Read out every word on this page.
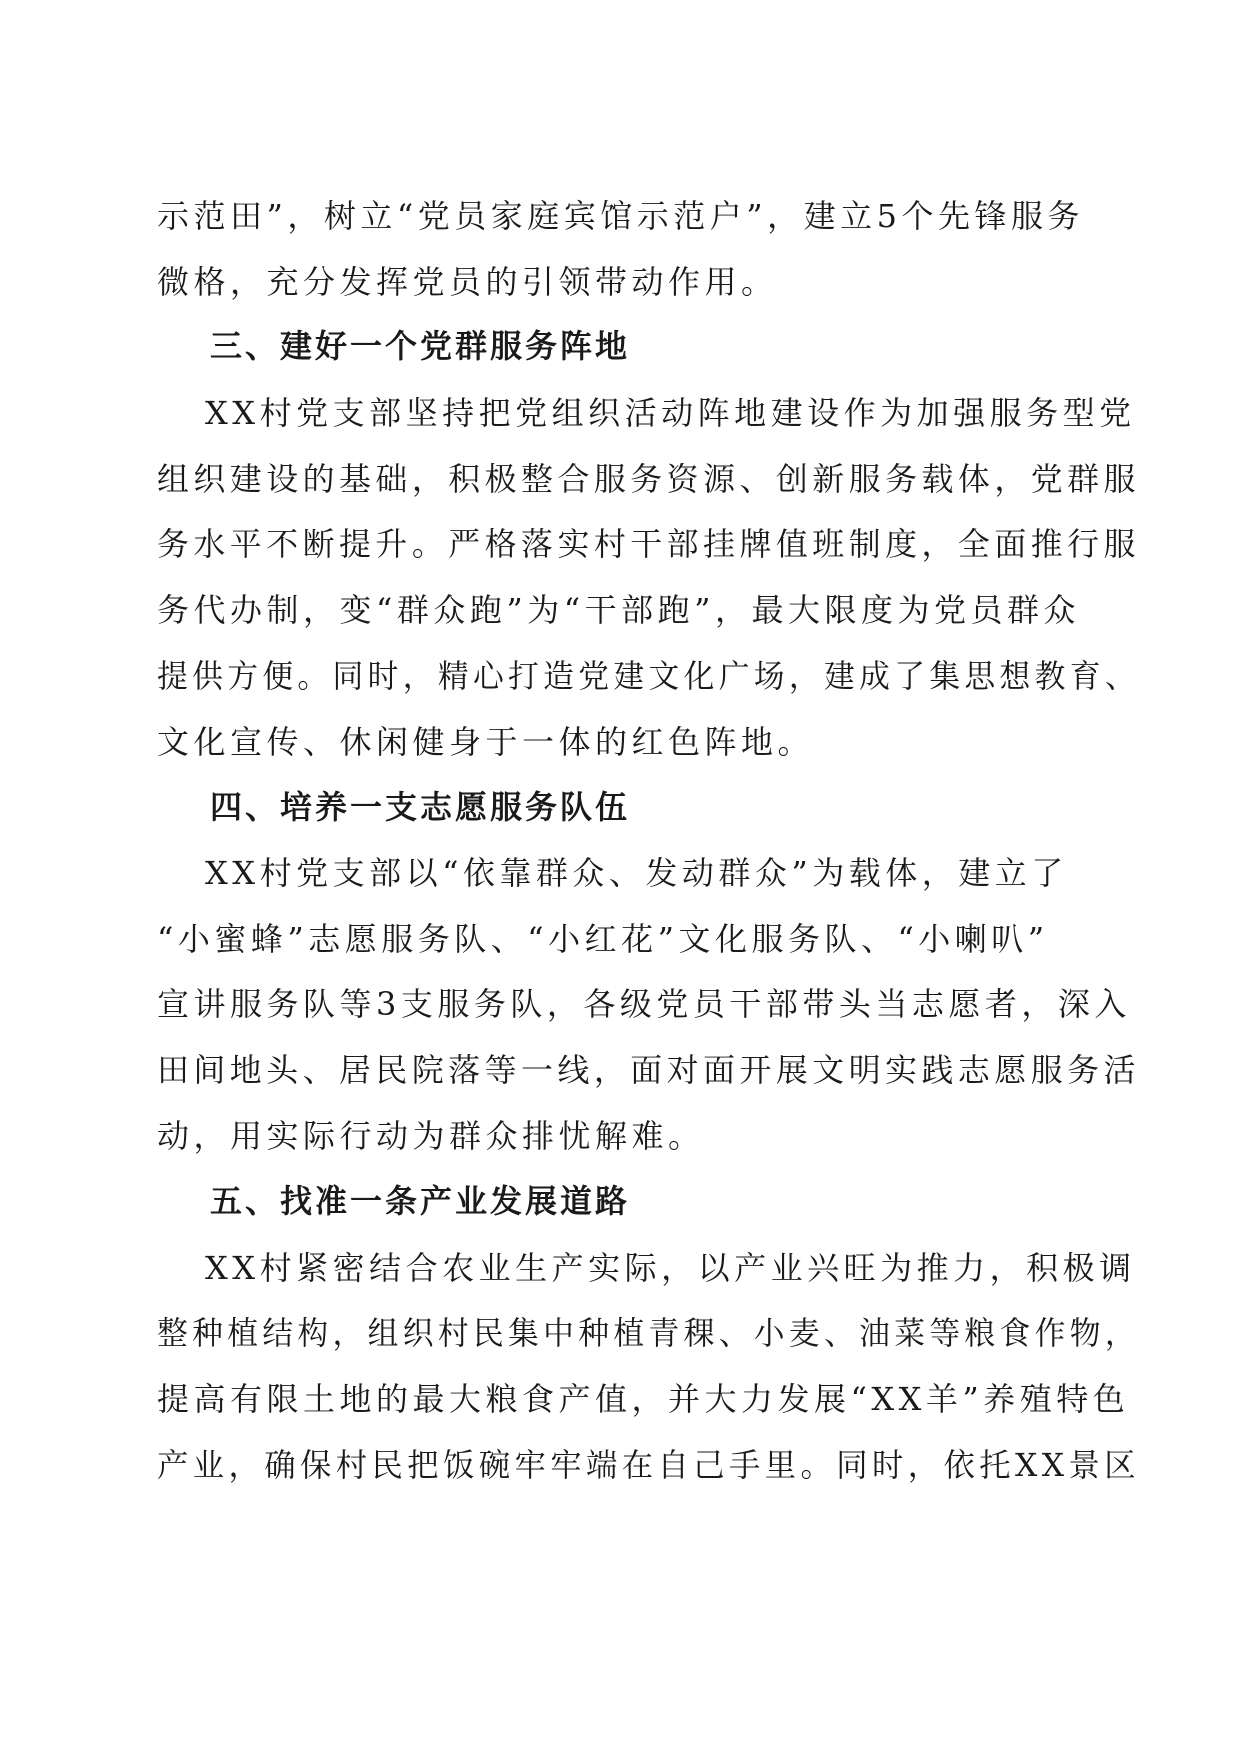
示范田”，树立“党员家庭宾馆示范户”，建立5个先锋服务
微格，充分发挥党员的引领带动作用。
三、建好一个党群服务阵地
XX村党支部坚持把党组织活动阵地建设作为加强服务型党
组织建设的基础，积极整合服务资源、创新服务载体，党群服
务水平不断提升。严格落实村干部挂牌值班制度，全面推行服
务代办制，变“群众跑”为“干部跑”，最大限度为党员群众
提供方便。同时，精心打造党建文化广场，建成了集思想教育、
文化宣传、休闲健身于一体的红色阵地。
四、培养一支志愿服务队伍
XX村党支部以“依靠群众、发动群众”为载体，建立了
“小蜜蜂”志愿服务队、“小红花”文化服务队、“小喇叭”
宣讲服务队等3支服务队，各级党员干部带头当志愿者，深入
田间地头、居民院落等一线，面对面开展文明实践志愿服务活
动，用实际行动为群众排忧解难。
五、找准一条产业发展道路
XX村紧密结合农业生产实际，以产业兴旺为推力，积极调
整种植结构，组织村民集中种植青稞、小麦、油菜等粮食作物，
提高有限土地的最大粮食产值，并大力发展“XX羊”养殖特色
产业，确保村民把饭碗牢牢端在自己手里。同时，依托XX景区
